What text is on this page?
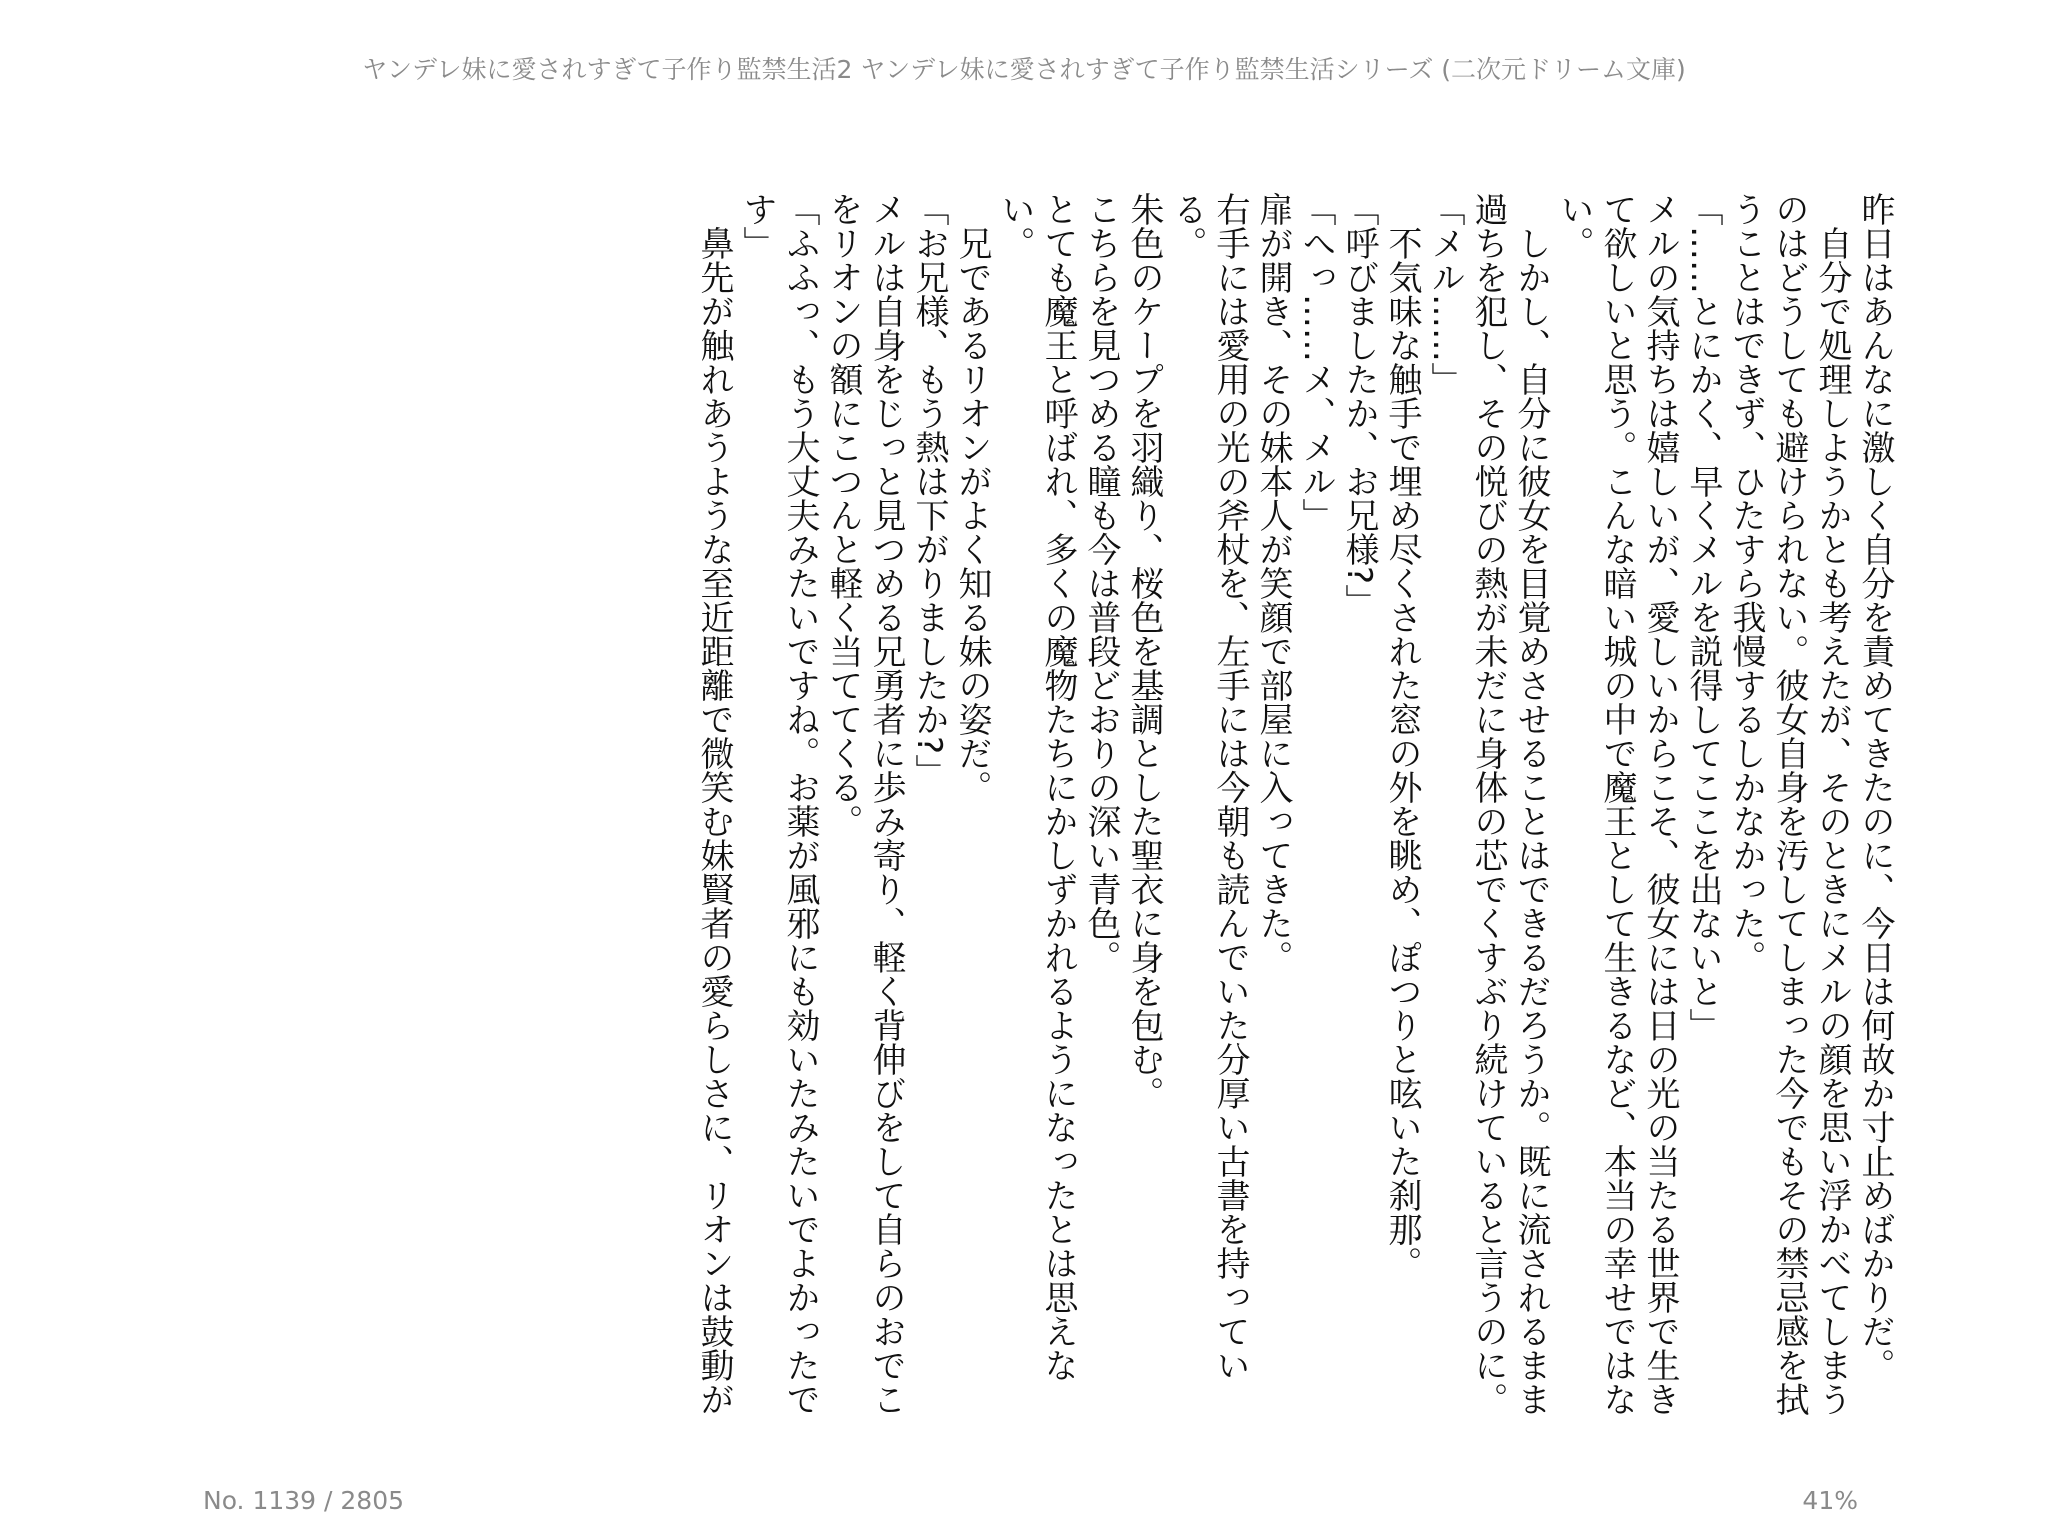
ヤンデレ妹に愛されすぎて子作り監禁生活2 ヤンデレ妹に愛されすぎて子作り監禁生活シリーズ (二次元ドリーム文庫)

昨日はあんなに激しく自分を責めてきたのに、今日は何故か寸止めばかりだ。

自分で処理しようかとも考えたが、そのときにメルの顔を思い浮かべてしまうのはどうしても避けられない。彼女自身を汚してしまった今でもその禁忌感を拭うことはできず、ひたすら我慢するしかなかった。

「……とにかく、早くメルを説得してここを出ないと」

メルの気持ちは嬉しいが、愛しいからこそ、彼女には日の光の当たる世界で生きて欲しいと思う。こんな暗い城の中で魔王として生きるなど、本当の幸せではない。

しかし、自分に彼女を目覚めさせることはできるだろうか。既に流されるまま過ちを犯し、その悦びの熱が未だに身体の芯でくすぶり続けていると言うのに。

「メル……」

不気味な触手で埋め尽くされた窓の外を眺め、ぽつりと呟いた刹那。

「呼びましたか、お兄様?」

「へっ……メ、メル」

扉が開き、その妹本人が笑顔で部屋に入ってきた。

右手には愛用の光の斧杖を、左手には今朝も読んでいた分厚い古書を持っている。

朱色のケープを羽織り、桜色を基調とした聖衣に身を包む。

こちらを見つめる瞳も今は普段どおりの深い青色。

とても魔王と呼ばれ、多くの魔物たちにかしずかれるようになったとは思えない。

兄であるリオンがよく知る妹の姿だ。

「お兄様、もう熱は下がりましたか?」

メルは自身をじっと見つめる兄勇者に歩み寄り、軽く背伸びをして自らのおでこをリオンの額にこつんと軽く当ててくる。

「ふふっ、もう大丈夫みたいですね。お薬が風邪にも効いたみたいでよかったです」

鼻先が触れあうような至近距離で微笑む妹賢者の愛らしさに、リオンは鼓動が

No. 1139 / 2805	41%
